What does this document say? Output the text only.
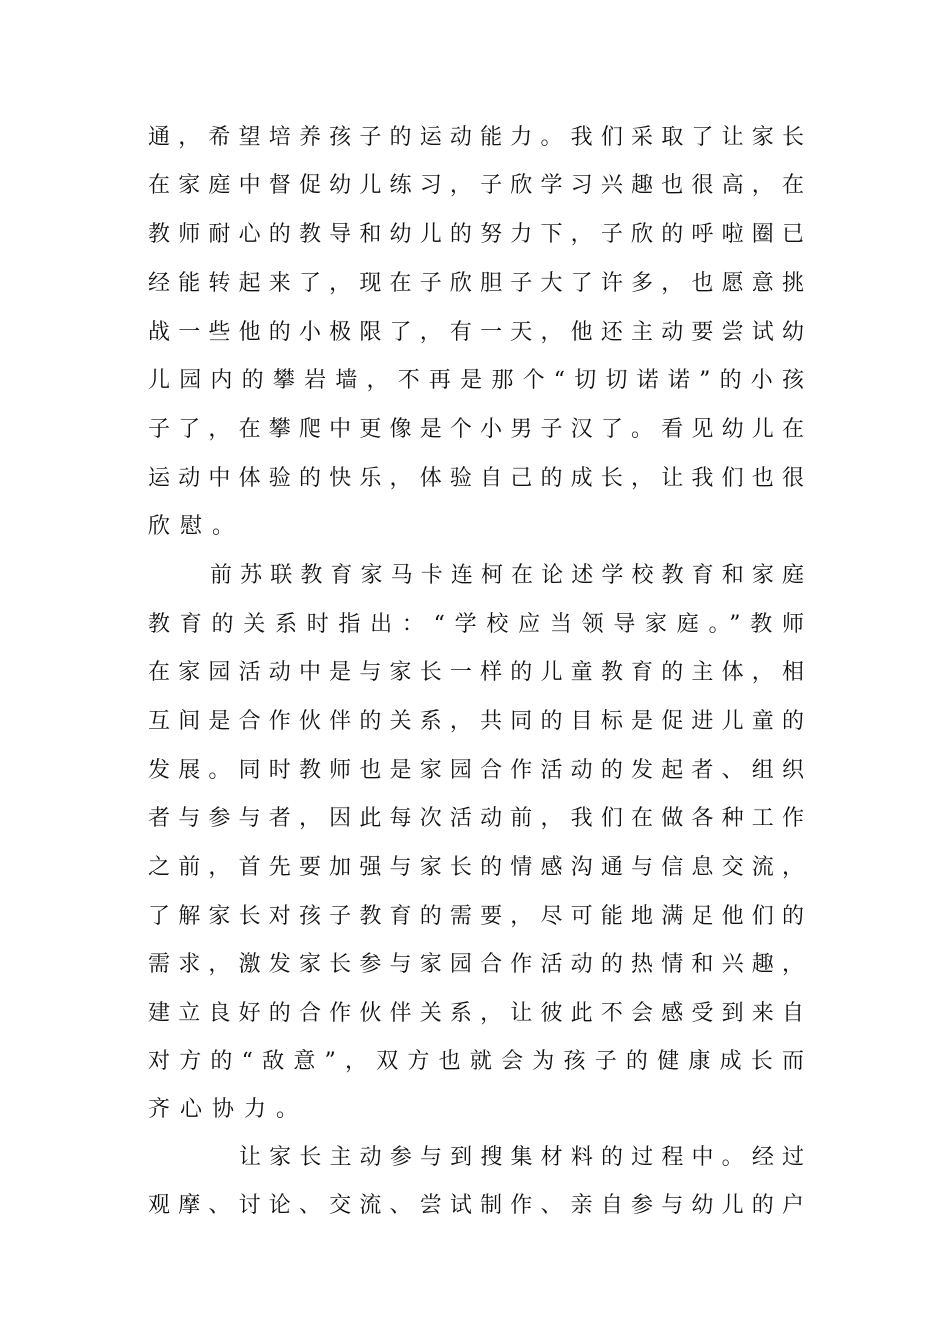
通，希望培养孩子的运动能力。我们采取了让家长
在家庭中督促幼儿练习，子欣学习兴趣也很高，在
教师耐心的教导和幼儿的努力下，子欣的呼啦圈已
经能转起来了，现在子欣胆子大了许多，也愿意挑
战一些他的小极限了，有一天，他还主动要尝试幼
儿园内的攀岩墙，不再是那个“切切诺诺”的小孩
子了，在攀爬中更像是个小男子汉了。看见幼儿在
运动中体验的快乐，体验自己的成长，让我们也很
欣慰。
前苏联教育家马卡连柯在论述学校教育和家庭
教育的关系时指出：“学校应当领导家庭。”教师
在家园活动中是与家长一样的儿童教育的主体，相
互间是合作伙伴的关系，共同的目标是促进儿童的
发展。同时教师也是家园合作活动的发起者、组织
者与参与者，因此每次活动前，我们在做各种工作
之前，首先要加强与家长的情感沟通与信息交流，
了解家长对孩子教育的需要，尽可能地满足他们的
需求，激发家长参与家园合作活动的热情和兴趣，
建立良好的合作伙伴关系，让彼此不会感受到来自
对方的“敌意”，双方也就会为孩子的健康成长而
齐心协力。
让家长主动参与到搜集材料的过程中。经过
观摩、讨论、交流、尝试制作、亲自参与幼儿的户
